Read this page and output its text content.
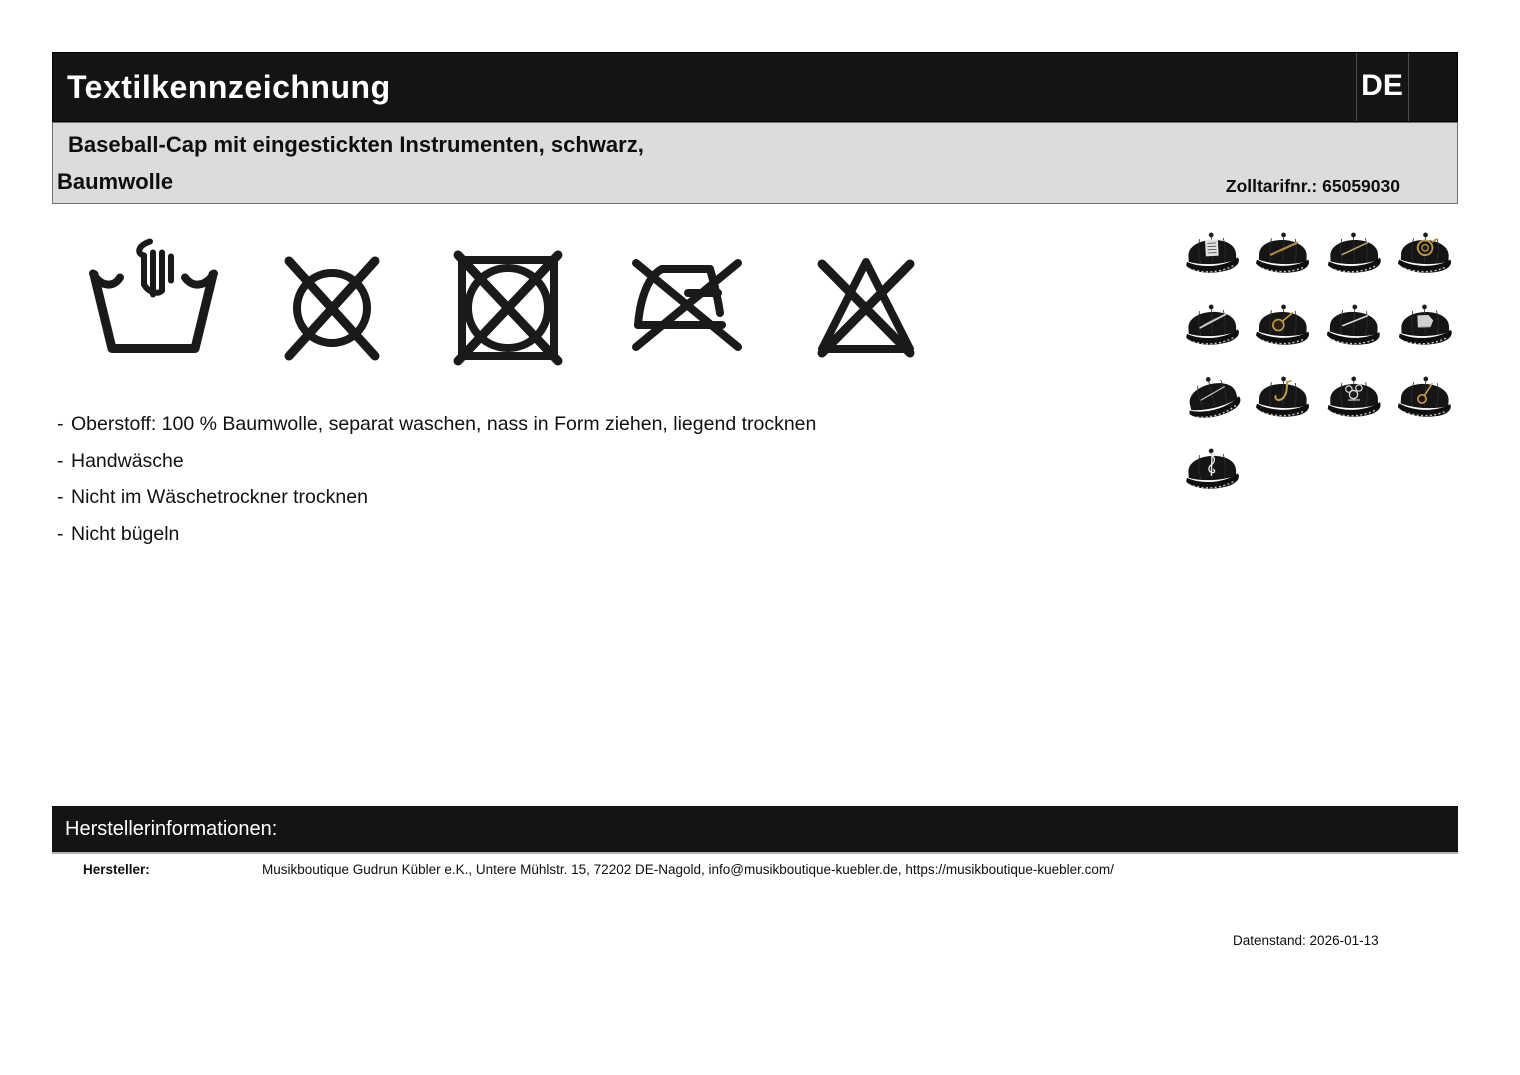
Textilkennzeichnung	DE
Baseball-Cap mit eingestickten Instrumenten, schwarz,
Baumwolle	Zolltarifnr.: 65059030
- Oberstoff: 100 % Baumwolle, separat waschen, nass in Form ziehen, liegend trocknen
- Handwäsche
- Nicht im Wäschetrockner trocknen
- Nicht bügeln
Herstellerinformationen:
Hersteller:	Musikboutique Gudrun Kübler e.K., Untere Mühlstr. 15, 72202 DE-Nagold, info@musikboutique-kuebler.de, https://musikboutique-kuebler.com/
Datenstand: 2026-01-13
